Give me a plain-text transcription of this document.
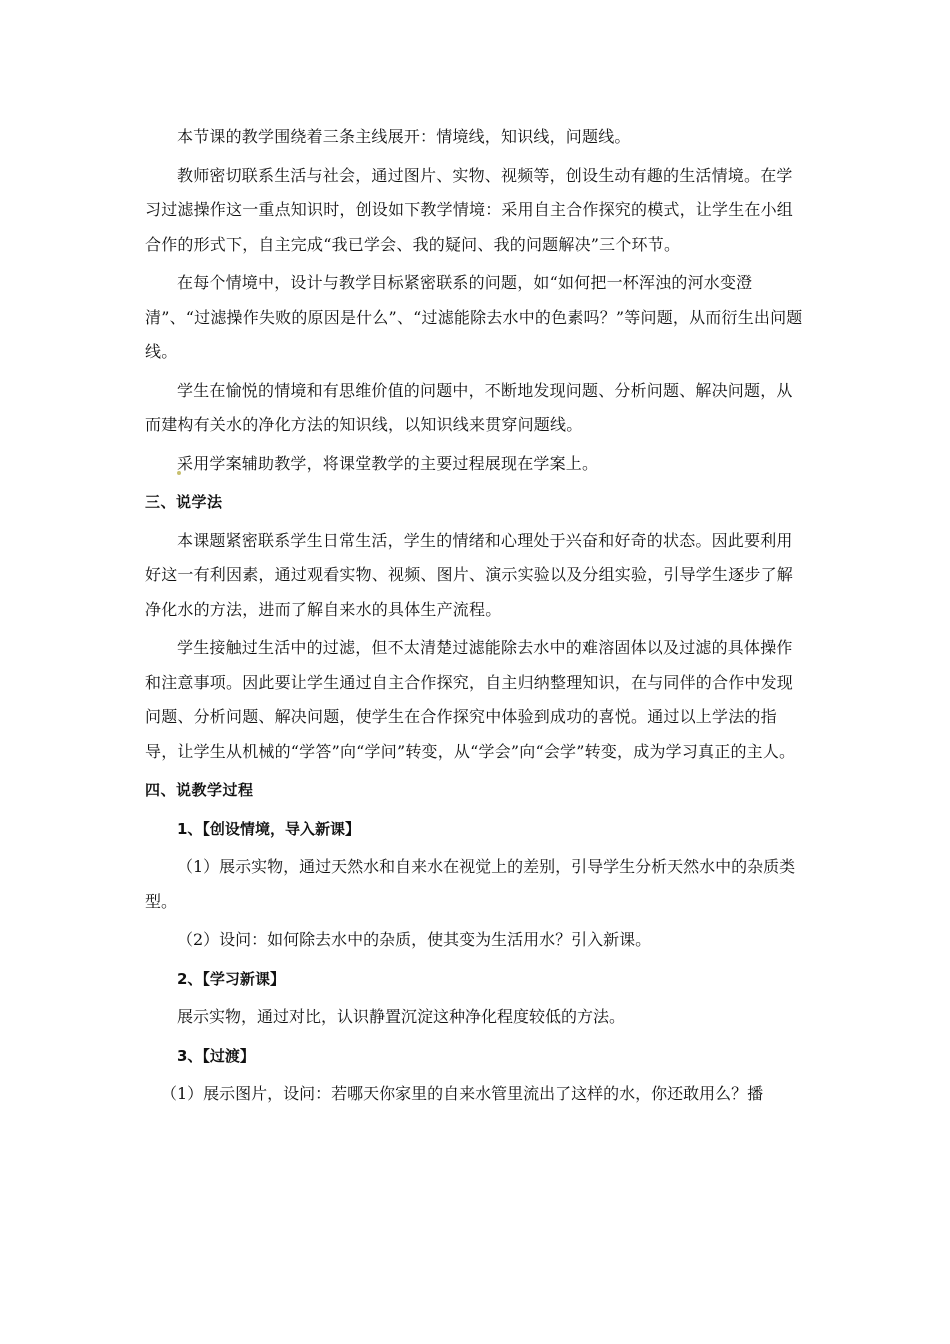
本节课的教学围绕着三条主线展开：情境线，知识线，问题线。

教师密切联系生活与社会，通过图片、实物、视频等，创设生动有趣的生活情境。在学习过滤操作这一重点知识时，创设如下教学情境：采用自主合作探究的模式，让学生在小组合作的形式下，自主完成“我已学会、我的疑问、我的问题解决”三个环节。

在每个情境中，设计与教学目标紧密联系的问题，如“如何把一杯浑浊的河水变澄清”、“过滤操作失败的原因是什么”、“过滤能除去水中的色素吗？”等问题，从而衍生出问题线。

学生在愉悦的情境和有思维价值的问题中，不断地发现问题、分析问题、解决问题，从而建构有关水的净化方法的知识线，以知识线来贯穿问题线。

采用学案辅助教学，将课堂教学的主要过程展现在学案上。

三、说学法

本课题紧密联系学生日常生活，学生的情绪和心理处于兴奋和好奇的状态。因此要利用好这一有利因素，通过观看实物、视频、图片、演示实验以及分组实验，引导学生逐步了解净化水的方法，进而了解自来水的具体生产流程。

学生接触过生活中的过滤，但不太清楚过滤能除去水中的难溶固体以及过滤的具体操作和注意事项。因此要让学生通过自主合作探究，自主归纳整理知识，在与同伴的合作中发现问题、分析问题、解决问题，使学生在合作探究中体验到成功的喜悦。通过以上学法的指导，让学生从机械的“学答”向“学问”转变，从“学会”向“会学”转变，成为学习真正的主人。

四、说教学过程

1、【创设情境，导入新课】

（1）展示实物，通过天然水和自来水在视觉上的差别，引导学生分析天然水中的杂质类型。

（2）设问：如何除去水中的杂质，使其变为生活用水？引入新课。

2、【学习新课】

展示实物，通过对比，认识静置沉淀这种净化程度较低的方法。

3、【过渡】

（1）展示图片，设问：若哪天你家里的自来水管里流出了这样的水，你还敢用么？播
